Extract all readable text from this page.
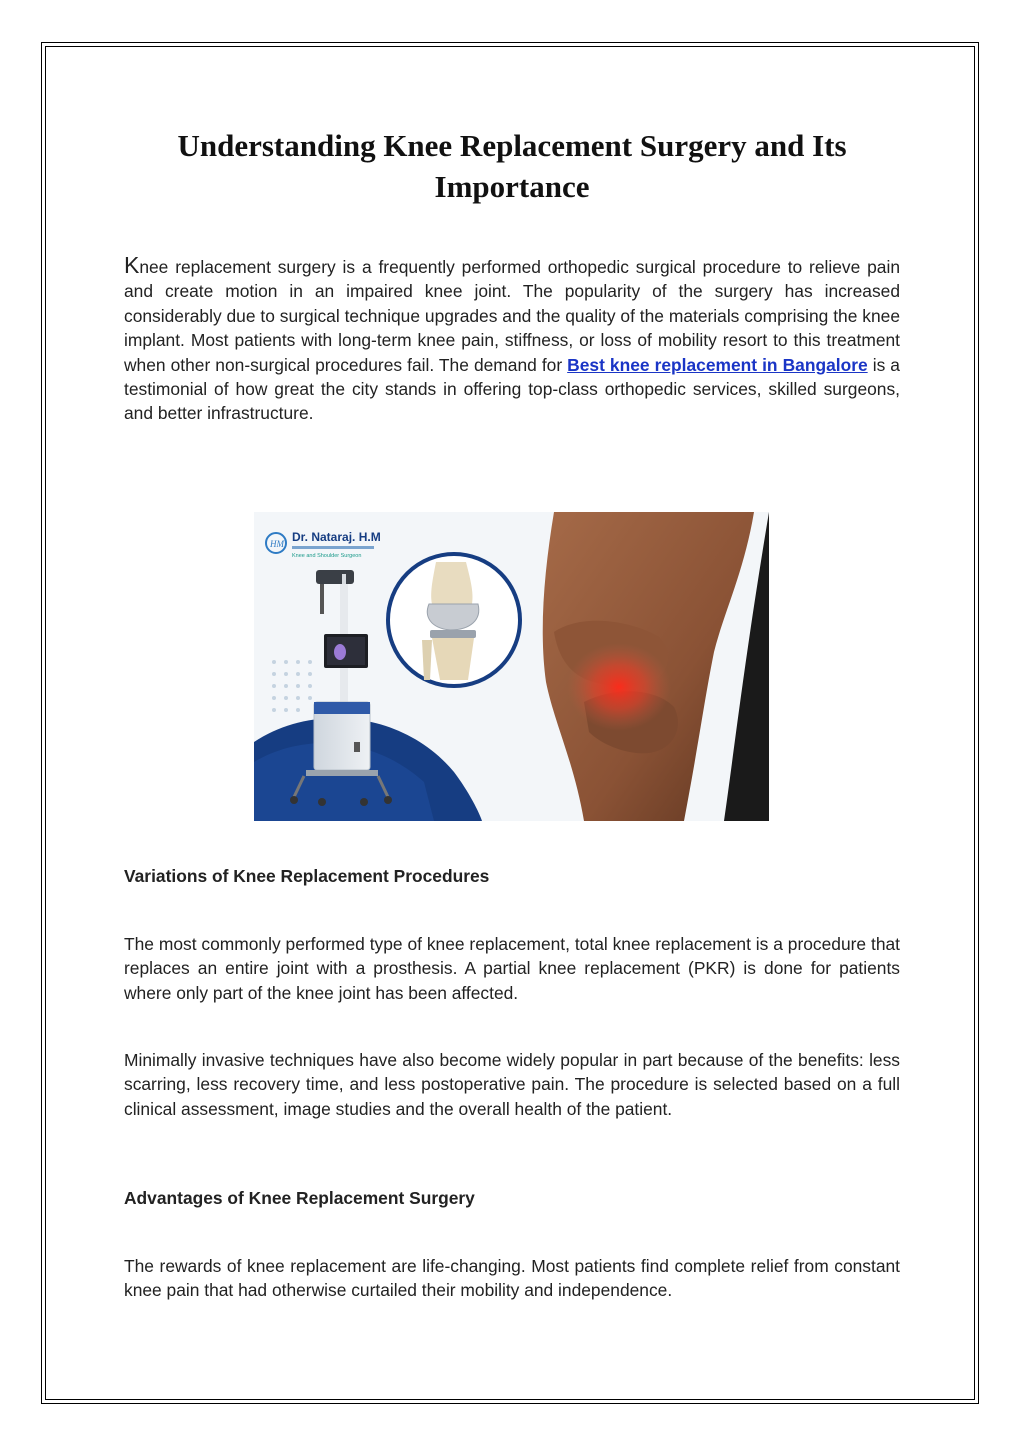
Understanding Knee Replacement Surgery and Its Importance

Knee replacement surgery is a frequently performed orthopedic surgical procedure to relieve pain and create motion in an impaired knee joint. The popularity of the surgery has increased considerably due to surgical technique upgrades and the quality of the materials comprising the knee implant. Most patients with long-term knee pain, stiffness, or loss of mobility resort to this treatment when other non-surgical procedures fail. The demand for Best knee replacement in Bangalore is a testimonial of how great the city stands in offering top-class orthopedic services, skilled surgeons, and better infrastructure.

HM Dr. Nataraj. H.M
Knee and Shoulder Surgeon
Variations of Knee Replacement Procedures

The most commonly performed type of knee replacement, total knee replacement is a procedure that replaces an entire joint with a prosthesis. A partial knee replacement (PKR) is done for patients where only part of the knee joint has been affected.

Minimally invasive techniques have also become widely popular in part because of the benefits: less scarring, less recovery time, and less postoperative pain. The procedure is selected based on a full clinical assessment, image studies and the overall health of the patient.

Advantages of Knee Replacement Surgery

The rewards of knee replacement are life-changing. Most patients find complete relief from constant knee pain that had otherwise curtailed their mobility and independence.
